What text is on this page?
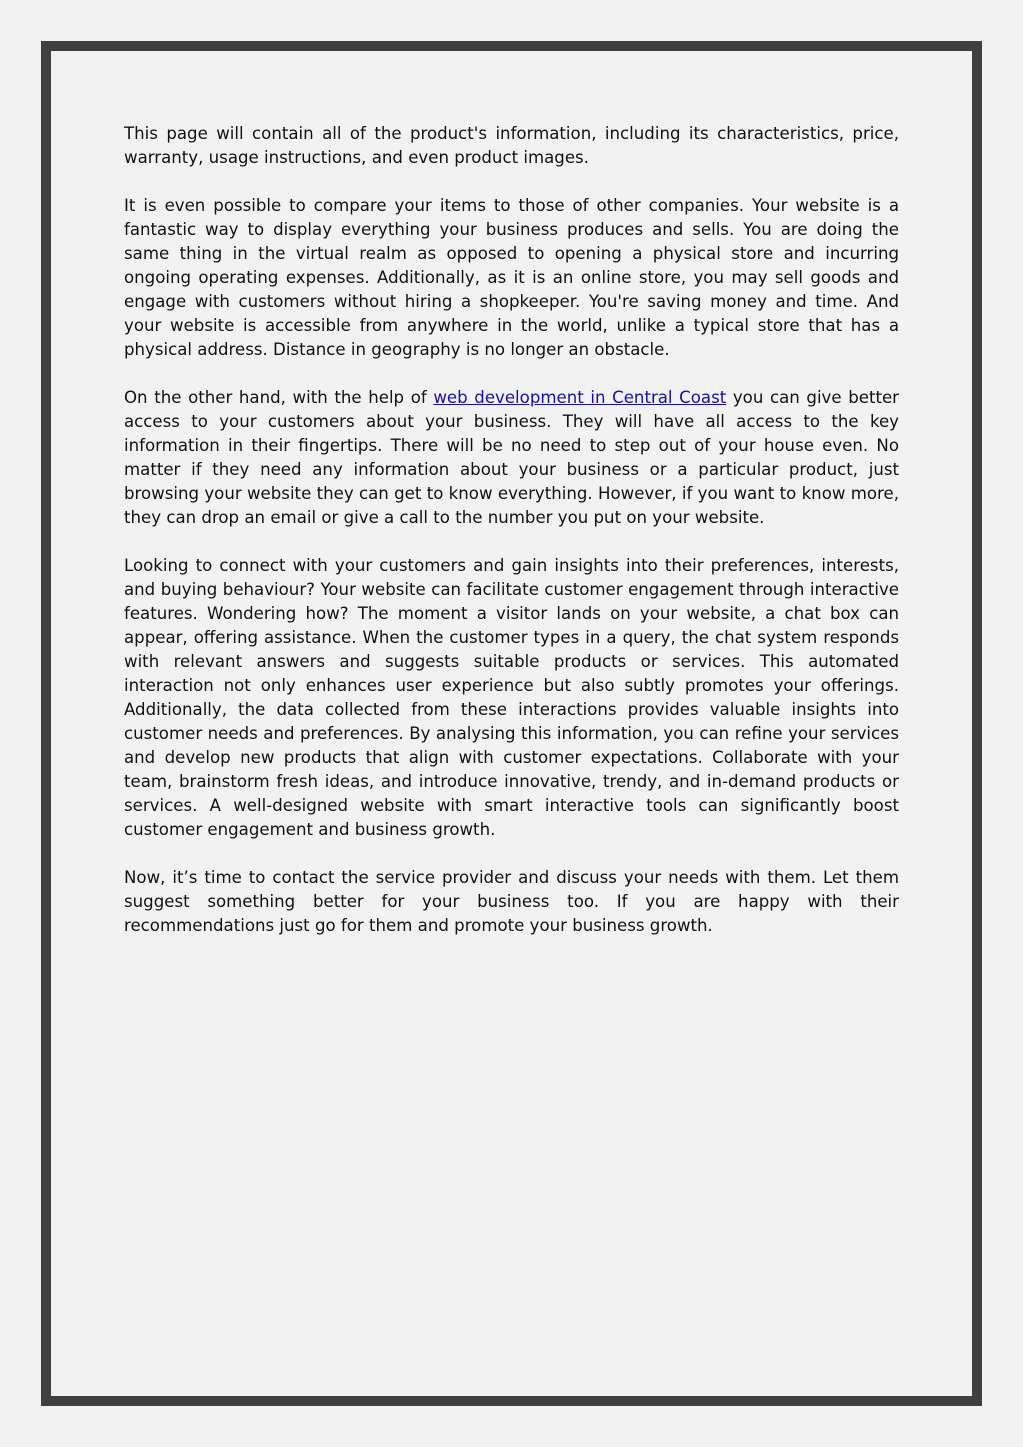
This page will contain all of the product's information, including its characteristics, price, warranty, usage instructions, and even product images.

It is even possible to compare your items to those of other companies. Your website is a fantastic way to display everything your business produces and sells. You are doing the same thing in the virtual realm as opposed to opening a physical store and incurring ongoing operating expenses. Additionally, as it is an online store, you may sell goods and engage with customers without hiring a shopkeeper. You're saving money and time. And your website is accessible from anywhere in the world, unlike a typical store that has a physical address. Distance in geography is no longer an obstacle.

On the other hand, with the help of web development in Central Coast you can give better access to your customers about your business. They will have all access to the key information in their fingertips. There will be no need to step out of your house even. No matter if they need any information about your business or a particular product, just browsing your website they can get to know everything. However, if you want to know more, they can drop an email or give a call to the number you put on your website.

Looking to connect with your customers and gain insights into their preferences, interests, and buying behaviour? Your website can facilitate customer engagement through interactive features. Wondering how? The moment a visitor lands on your website, a chat box can appear, offering assistance. When the customer types in a query, the chat system responds with relevant answers and suggests suitable products or services. This automated interaction not only enhances user experience but also subtly promotes your offerings. Additionally, the data collected from these interactions provides valuable insights into customer needs and preferences. By analysing this information, you can refine your services and develop new products that align with customer expectations. Collaborate with your team, brainstorm fresh ideas, and introduce innovative, trendy, and in-demand products or services. A well-designed website with smart interactive tools can significantly boost customer engagement and business growth.

Now, it’s time to contact the service provider and discuss your needs with them. Let them suggest something better for your business too. If you are happy with their recommendations just go for them and promote your business growth.
